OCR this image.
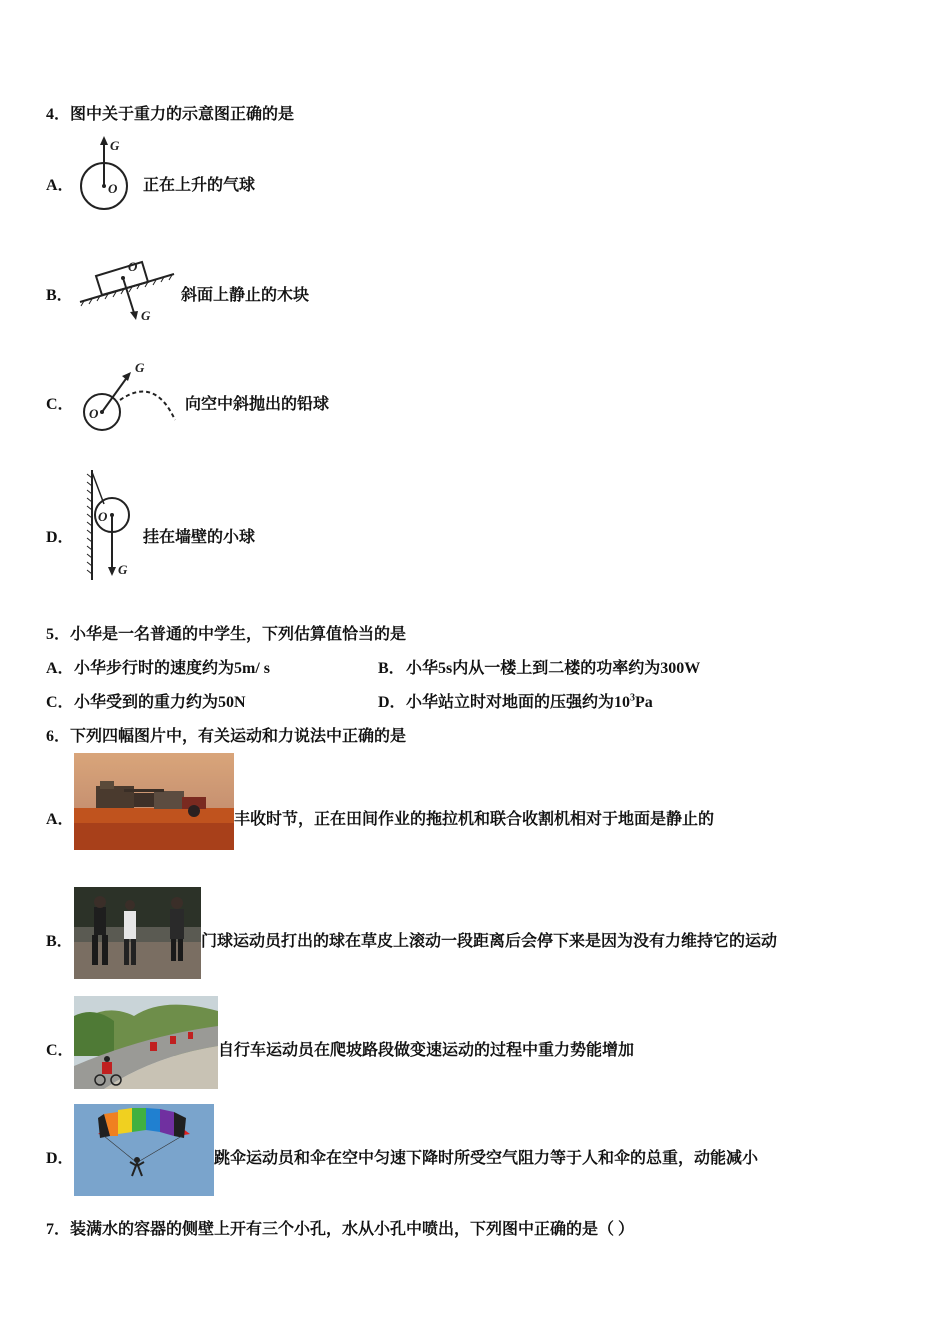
4．图中关于重力的示意图正确的是
A．	O
G
正在上升的气球
B．
O
G
斜面上静止的木块
C．
O
G
向空中斜抛出的铅球
D．
O
G
挂在墙壁的小球
5．小华是一名普通的中学生，下列估算值恰当的是
A． 小华步行时的速度约为5m/ s	B． 小华5s内从一楼上到二楼的功率约为300W
C． 小华受到的重力约为50N	D． 小华站立时对地面的压强约为$10^3Pa$
6．下列四幅图片中，有关运动和力说法中正确的是
A．	丰收时节，正在田间作业的拖拉机和联合收割机相对于地面是静止的
B．	门球运动员打出的球在草皮上滚动一段距离后会停下来是因为没有力维持它的运动
C．	自行车运动员在爬坡路段做变速运动的过程中重力势能增加
D．	跳伞运动员和伞在空中匀速下降时所受空气阻力等于人和伞的总重，动能减小
7．装满水的容器的侧壁上开有三个小孔，水从小孔中喷出，下列图中正确的是（ ）
